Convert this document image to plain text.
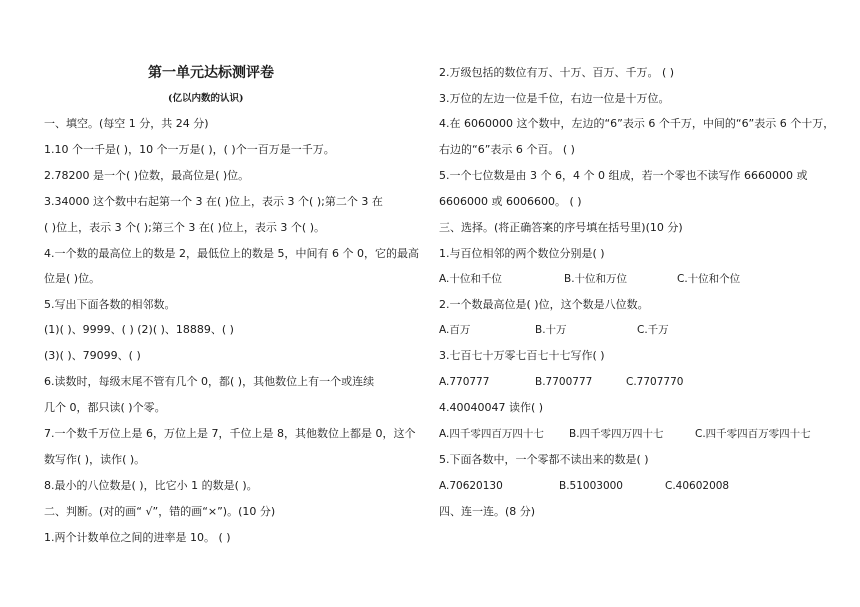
第一单元达标测评卷
(亿以内数的认识)
一、填空。(每空 1 分，共 24 分)
1.10 个一千是( )，10 个一万是( )，( )个一百万是一千万。
2.78200 是一个( )位数，最高位是( )位。
3.34000 这个数中右起第一个 3 在( )位上，表示 3 个( );第二个 3 在
( )位上，表示 3 个( );第三个 3 在( )位上，表示 3 个( )。
4.一个数的最高位上的数是 2，最低位上的数是 5，中间有 6 个 0，它的最高
位是( )位。
5.写出下面各数的相邻数。
(1)( )、9999、( ) (2)( )、18889、( )
(3)( )、79099、( )
6.读数时，每级末尾不管有几个 0，都( )，其他数位上有一个或连续
几个 0，都只读( )个零。
7.一个数千万位上是 6，万位上是 7，千位上是 8，其他数位上都是 0，这个
数写作( )，读作( )。
8.最小的八位数是( )，比它小 1 的数是( )。
二、判断。(对的画“ √”，错的画“×”)。(10 分)
1.两个计数单位之间的进率是 10。 ( )
2.万级包括的数位有万、十万、百万、千万。 ( )
3.万位的左边一位是千位，右边一位是十万位。
4.在 6060000 这个数中，左边的“6”表示 6 个千万，中间的“6”表示 6 个十万，
右边的“6”表示 6 个百。 ( )
5.一个七位数是由 3 个 6，4 个 0 组成，若一个零也不读写作 6660000 或
6606000 或 6006600。 ( )
三、选择。(将正确答案的序号填在括号里)(10 分)
1.与百位相邻的两个数位分别是( )
A.十位和千位	B.十位和万位	C.十位和个位
2.一个数最高位是( )位，这个数是八位数。
A.百万	B.十万	C.千万
3.七百七十万零七百七十七写作( )
A.770777	B.7700777	C.7707770
4.40040047 读作( )
A.四千零四百万四十七 B.四千零四万四十七	C.四千零四百万零四十七
5.下面各数中，一个零都不读出来的数是( )
A.70620130	B.51003000	C.40602008
四、连一连。(8 分)
